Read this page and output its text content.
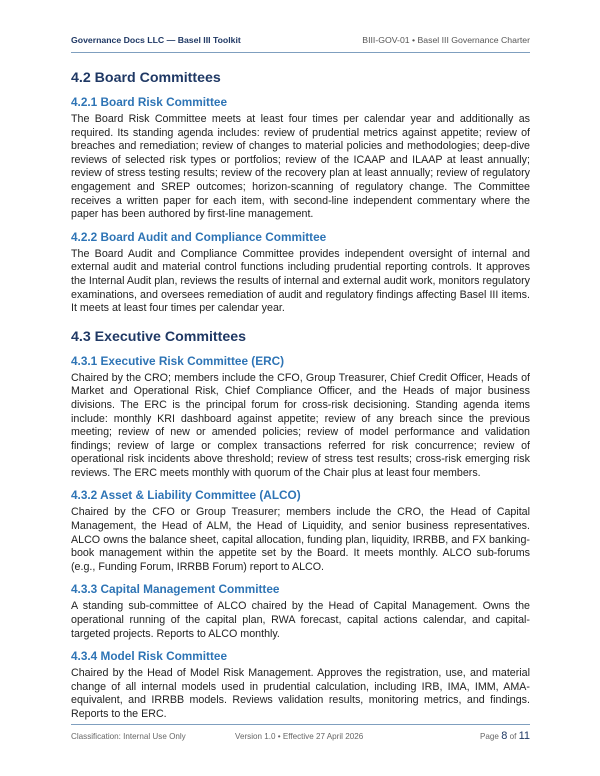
Governance Docs LLC — Basel III Toolkit	BIII-GOV-01 • Basel III Governance Charter
4.2 Board Committees
4.2.1 Board Risk Committee

The Board Risk Committee meets at least four times per calendar year and additionally as required. Its standing agenda includes: review of prudential metrics against appetite; review of breaches and remediation; review of changes to material policies and methodologies; deep-dive reviews of selected risk types or portfolios; review of the ICAAP and ILAAP at least annually; review of stress testing results; review of the recovery plan at least annually; review of regulatory engagement and SREP outcomes; horizon-scanning of regulatory change. The Committee receives a written paper for each item, with second-line independent commentary where the paper has been authored by first-line management.

4.2.2 Board Audit and Compliance Committee

The Board Audit and Compliance Committee provides independent oversight of internal and external audit and material control functions including prudential reporting controls. It approves the Internal Audit plan, reviews the results of internal and external audit work, monitors regulatory examinations, and oversees remediation of audit and regulatory findings affecting Basel III items. It meets at least four times per calendar year.

4.3 Executive Committees
4.3.1 Executive Risk Committee (ERC)

Chaired by the CRO; members include the CFO, Group Treasurer, Chief Credit Officer, Heads of Market and Operational Risk, Chief Compliance Officer, and the Heads of major business divisions. The ERC is the principal forum for cross-risk decisioning. Standing agenda items include: monthly KRI dashboard against appetite; review of any breach since the previous meeting; review of new or amended policies; review of model performance and validation findings; review of large or complex transactions referred for risk concurrence; review of operational risk incidents above threshold; review of stress test results; cross-risk emerging risk reviews. The ERC meets monthly with quorum of the Chair plus at least four members.

4.3.2 Asset & Liability Committee (ALCO)

Chaired by the CFO or Group Treasurer; members include the CRO, the Head of Capital Management, the Head of ALM, the Head of Liquidity, and senior business representatives. ALCO owns the balance sheet, capital allocation, funding plan, liquidity, IRRBB, and FX banking-book management within the appetite set by the Board. It meets monthly. ALCO sub-forums (e.g., Funding Forum, IRRBB Forum) report to ALCO.

4.3.3 Capital Management Committee

A standing sub-committee of ALCO chaired by the Head of Capital Management. Owns the operational running of the capital plan, RWA forecast, capital actions calendar, and capital-targeted projects. Reports to ALCO monthly.

4.3.4 Model Risk Committee

Chaired by the Head of Model Risk Management. Approves the registration, use, and material change of all internal models used in prudential calculation, including IRB, IMA, IMM, AMA-equivalent, and IRRBB models. Reviews validation results, monitoring metrics, and findings. Reports to the ERC.

Classification: Internal Use Only	Version 1.0 • Effective 27 April 2026	Page 8 of 11
